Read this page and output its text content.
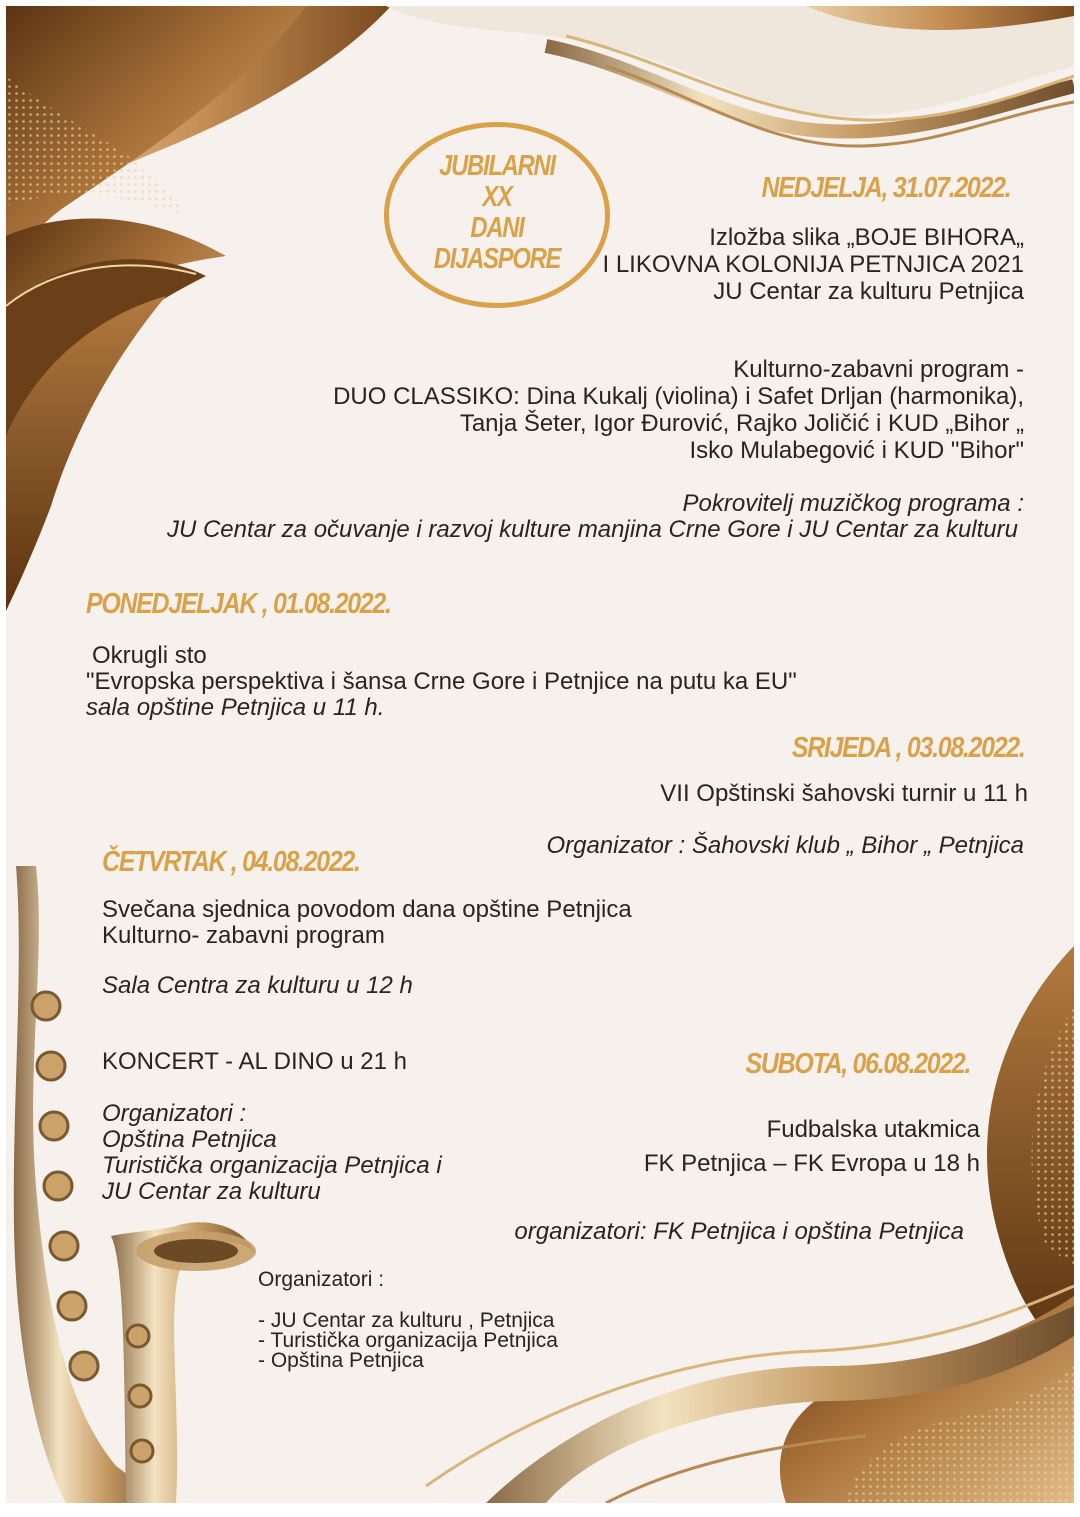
JUBILARNI
XX
DANI
DIJASPORE
NEDJELJA, 31.07.2022.
Izložba slika „BOJE BIHORA„
I LIKOVNA KOLONIJA PETNJICA 2021
JU Centar za kulturu Petnjica
Kulturno-zabavni program -
DUO CLASSIKO: Dina Kukalj (violina) i Safet Drljan (harmonika),
Tanja Šeter, Igor Đurović, Rajko Joličić i KUD „Bihor „
Isko Mulabegović i KUD "Bihor"
Pokrovitelj muzičkog programa :
JU Centar za očuvanje i razvoj kulture manjina Crne Gore i JU Centar za kulturu
PONEDJELJAK , 01.08.2022.
Okrugli sto
"Evropska perspektiva i šansa Crne Gore i Petnjice na putu ka EU"
sala opštine Petnjica u 11 h.
SRIJEDA , 03.08.2022.
VII Opštinski šahovski turnir u 11 h
Organizator : Šahovski klub „ Bihor „ Petnjica
ČETVRTAK , 04.08.2022.
Svečana sjednica povodom dana opštine Petnjica
Kulturno- zabavni program
Sala Centra za kulturu u 12 h
KONCERT - AL DINO u 21 h
Organizatori :
Opština Petnjica
Turistička organizacija Petnjica i
JU Centar za kulturu
SUBOTA, 06.08.2022.
Fudbalska utakmica
FK Petnjica – FK Evropa u 18 h
organizatori: FK Petnjica i opština Petnjica
Organizatori :
- JU Centar za kulturu , Petnjica
- Turistička organizacija Petnjica
- Opština Petnjica
